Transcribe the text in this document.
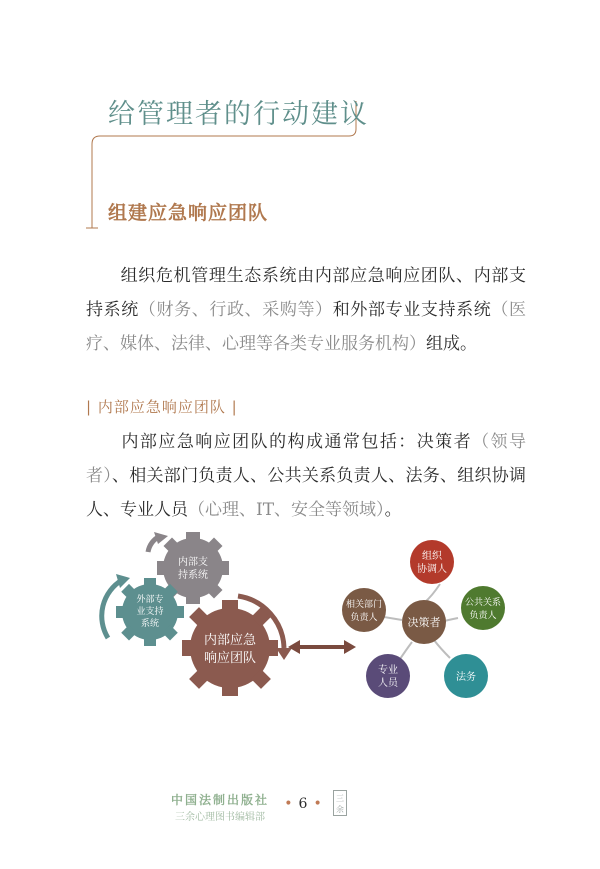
给管理者的行动建议
组建应急响应团队

组织危机管理生态系统由内部应急响应团队、内部支持系统（财务、行政、采购等）和外部专业支持系统（医疗、媒体、法律、心理等各类专业服务机构）组成。

| 内部应急响应团队 |

内部应急响应团队的构成通常包括：决策者（领导者）、相关部门负责人、公共关系负责人、法务、组织协调人、专业人员（心理、IT、安全等领域）。

内部支
持系统
外部专
业支持
系统
内部应急
响应团队
决策者
组织
协调人
公共关系
负责人
法务
专业
人员
相关部门
负责人
中国法制出版社
三余心理图书编辑部
• 6 •	三
余
